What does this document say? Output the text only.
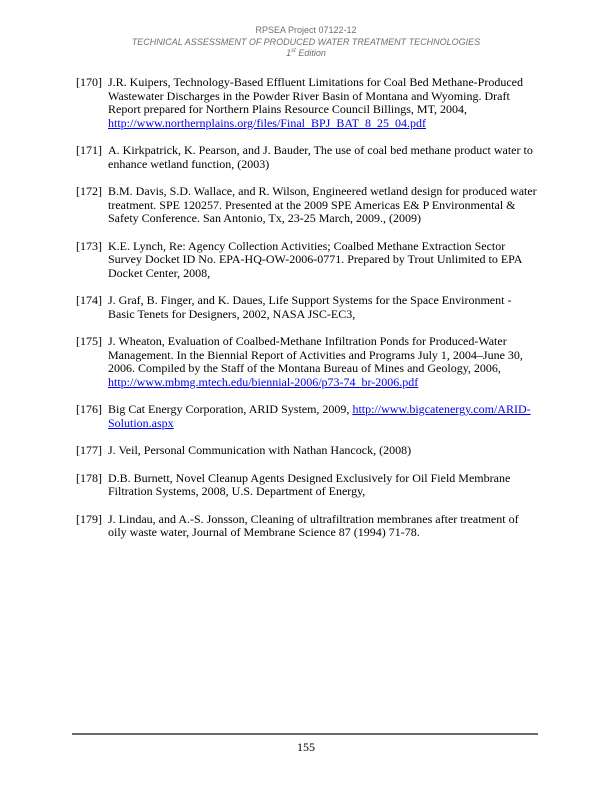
RPSEA Project 07122-12
TECHNICAL ASSESSMENT OF PRODUCED WATER TREATMENT TECHNOLOGIES
1st Edition
[170] J.R. Kuipers, Technology-Based Effluent Limitations for Coal Bed Methane-Produced Wastewater Discharges in the Powder River Basin of Montana and Wyoming. Draft Report prepared for Northern Plains Resource Council Billings, MT, 2004, http://www.northernplains.org/files/Final_BPJ_BAT_8_25_04.pdf
[171] A. Kirkpatrick, K. Pearson, and J. Bauder, The use of coal bed methane product water to enhance wetland function, (2003)
[172] B.M. Davis, S.D. Wallace, and R. Wilson, Engineered wetland design for produced water treatment. SPE 120257. Presented at the 2009 SPE Americas E& P Environmental & Safety Conference. San Antonio, Tx, 23-25 March, 2009., (2009)
[173] K.E. Lynch, Re: Agency Collection Activities; Coalbed Methane Extraction Sector Survey Docket ID No. EPA-HQ-OW-2006-0771. Prepared by Trout Unlimited to EPA Docket Center, 2008,
[174] J. Graf, B. Finger, and K. Daues, Life Support Systems for the Space Environment - Basic Tenets for Designers, 2002, NASA JSC-EC3,
[175] J. Wheaton, Evaluation of Coalbed-Methane Infiltration Ponds for Produced-Water Management. In the Biennial Report of Activities and Programs July 1, 2004–June 30, 2006. Compiled by the Staff of the Montana Bureau of Mines and Geology, 2006, http://www.mbmg.mtech.edu/biennial-2006/p73-74_br-2006.pdf
[176] Big Cat Energy Corporation, ARID System, 2009, http://www.bigcatenergy.com/ARID-Solution.aspx
[177] J. Veil, Personal Communication with Nathan Hancock, (2008)
[178] D.B. Burnett, Novel Cleanup Agents Designed Exclusively for Oil Field Membrane Filtration Systems, 2008, U.S. Department of Energy,
[179] J. Lindau, and A.-S. Jonsson, Cleaning of ultrafiltration membranes after treatment of oily waste water, Journal of Membrane Science 87 (1994) 71-78.
155
